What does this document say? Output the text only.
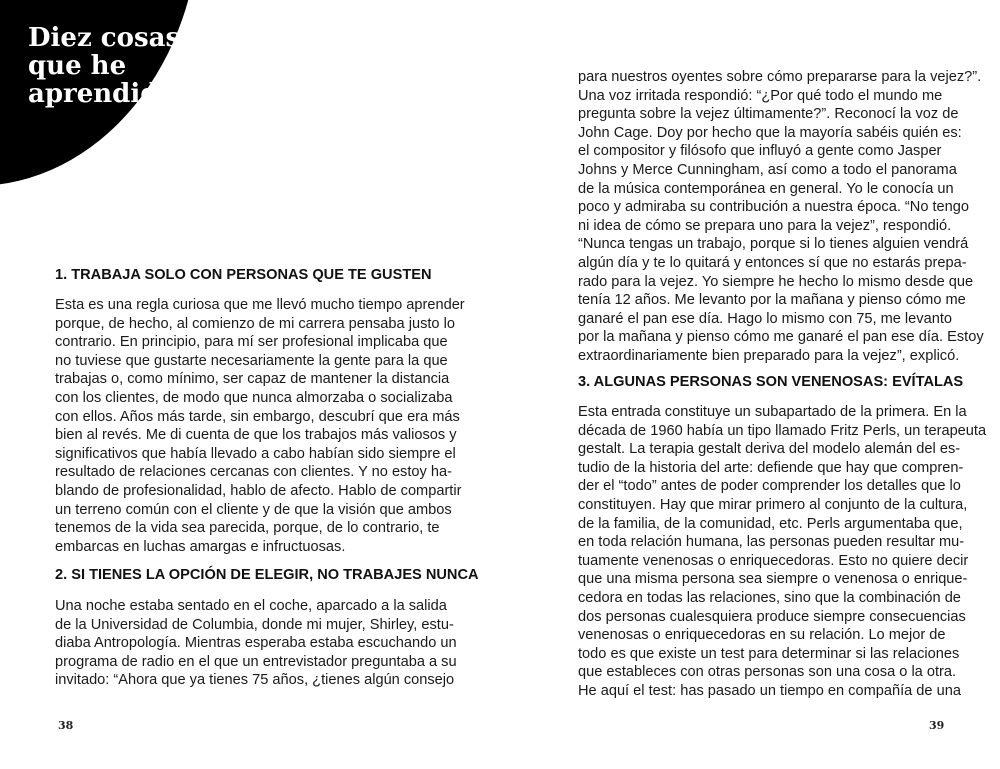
Diez cosas
que he
aprendido
1. TRABAJA SOLO CON PERSONAS QUE TE GUSTEN
Esta es una regla curiosa que me llevó mucho tiempo aprender
porque, de hecho, al comienzo de mi carrera pensaba justo lo
contrario. En principio, para mí ser profesional implicaba que
no tuviese que gustarte necesariamente la gente para la que
trabajas o, como mínimo, ser capaz de mantener la distancia
con los clientes, de modo que nunca almorzaba o socializaba
con ellos. Años más tarde, sin embargo, descubrí que era más
bien al revés. Me di cuenta de que los trabajos más valiosos y
significativos que había llevado a cabo habían sido siempre el
resultado de relaciones cercanas con clientes. Y no estoy ha-
blando de profesionalidad, hablo de afecto. Hablo de compartir
un terreno común con el cliente y de que la visión que ambos
tenemos de la vida sea parecida, porque, de lo contrario, te
embarcas en luchas amargas e infructuosas.
2. SI TIENES LA OPCIÓN DE ELEGIR, NO TRABAJES NUNCA
Una noche estaba sentado en el coche, aparcado a la salida
de la Universidad de Columbia, donde mi mujer, Shirley, estu-
diaba Antropología. Mientras esperaba estaba escuchando un
programa de radio en el que un entrevistador preguntaba a su
invitado: “Ahora que ya tienes 75 años, ¿tienes algún consejo
38
para nuestros oyentes sobre cómo prepararse para la vejez?”.
Una voz irritada respondió: “¿Por qué todo el mundo me
pregunta sobre la vejez últimamente?”. Reconocí la voz de
John Cage. Doy por hecho que la mayoría sabéis quién es:
el compositor y filósofo que influyó a gente como Jasper
Johns y Merce Cunningham, así como a todo el panorama
de la música contemporánea en general. Yo le conocía un
poco y admiraba su contribución a nuestra época. “No tengo
ni idea de cómo se prepara uno para la vejez”, respondió.
“Nunca tengas un trabajo, porque si lo tienes alguien vendrá
algún día y te lo quitará y entonces sí que no estarás prepa-
rado para la vejez. Yo siempre he hecho lo mismo desde que
tenía 12 años. Me levanto por la mañana y pienso cómo me
ganaré el pan ese día. Hago lo mismo con 75, me levanto
por la mañana y pienso cómo me ganaré el pan ese día. Estoy
extraordinariamente bien preparado para la vejez”, explicó.
3. ALGUNAS PERSONAS SON VENENOSAS: EVÍTALAS
Esta entrada constituye un subapartado de la primera. En la
década de 1960 había un tipo llamado Fritz Perls, un terapeuta
gestalt. La terapia gestalt deriva del modelo alemán del es-
tudio de la historia del arte: defiende que hay que compren-
der el “todo” antes de poder comprender los detalles que lo
constituyen. Hay que mirar primero al conjunto de la cultura,
de la familia, de la comunidad, etc. Perls argumentaba que,
en toda relación humana, las personas pueden resultar mu-
tuamente venenosas o enriquecedoras. Esto no quiere decir
que una misma persona sea siempre o venenosa o enrique-
cedora en todas las relaciones, sino que la combinación de
dos personas cualesquiera produce siempre consecuencias
venenosas o enriquecedoras en su relación. Lo mejor de
todo es que existe un test para determinar si las relaciones
que estableces con otras personas son una cosa o la otra.
He aquí el test: has pasado un tiempo en compañía de una
39
